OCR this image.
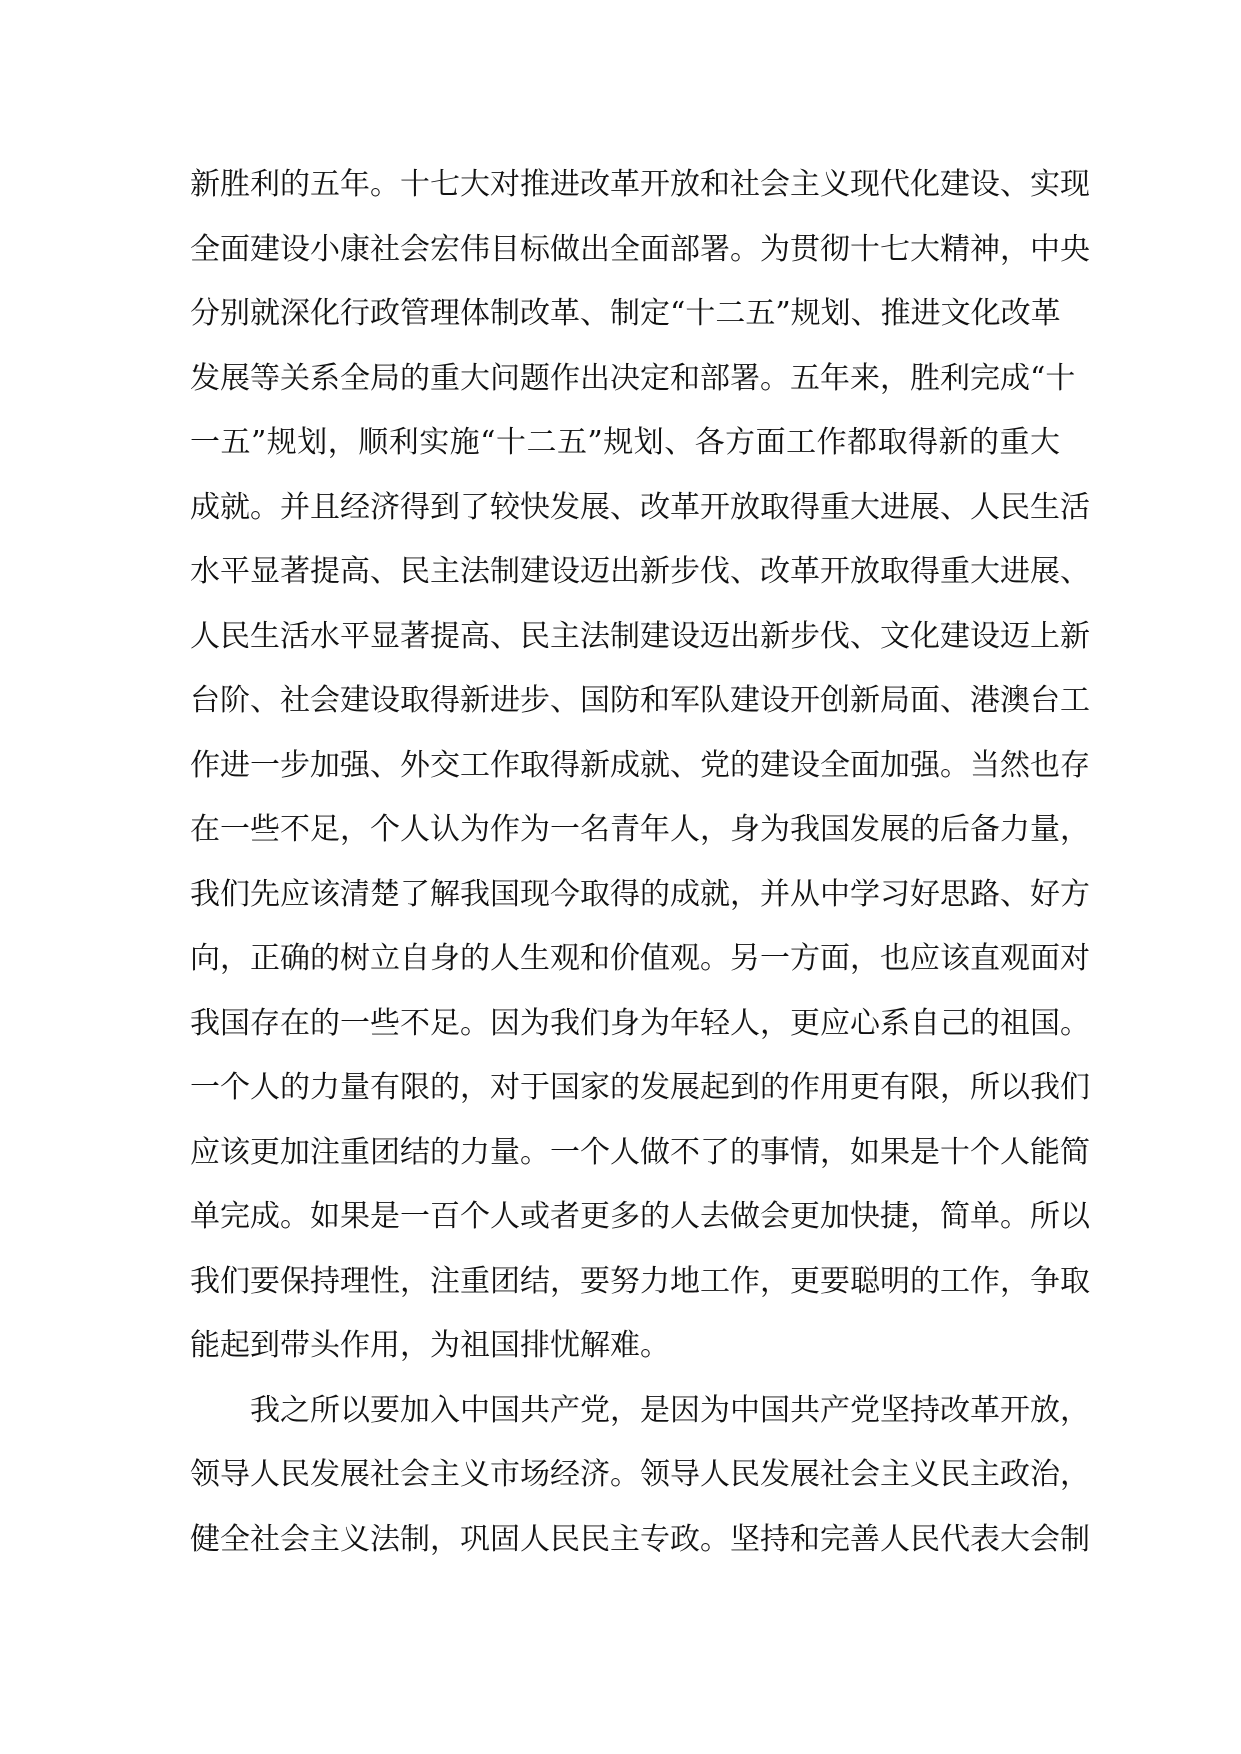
新胜利的五年。十七大对推进改革开放和社会主义现代化建设、实现
全面建设小康社会宏伟目标做出全面部署。为贯彻十七大精神，中央
分别就深化行政管理体制改革、制定“十二五”规划、推进文化改革
发展等关系全局的重大问题作出决定和部署。五年来，胜利完成“十
一五”规划，顺利实施“十二五”规划、各方面工作都取得新的重大
成就。并且经济得到了较快发展、改革开放取得重大进展、人民生活
水平显著提高、民主法制建设迈出新步伐、改革开放取得重大进展、
人民生活水平显著提高、民主法制建设迈出新步伐、文化建设迈上新
台阶、社会建设取得新进步、国防和军队建设开创新局面、港澳台工
作进一步加强、外交工作取得新成就、党的建设全面加强。当然也存
在一些不足，个人认为作为一名青年人，身为我国发展的后备力量，
我们先应该清楚了解我国现今取得的成就，并从中学习好思路、好方
向，正确的树立自身的人生观和价值观。另一方面，也应该直观面对
我国存在的一些不足。因为我们身为年轻人，更应心系自己的祖国。
一个人的力量有限的，对于国家的发展起到的作用更有限，所以我们
应该更加注重团结的力量。一个人做不了的事情，如果是十个人能简
单完成。如果是一百个人或者更多的人去做会更加快捷，简单。所以
我们要保持理性，注重团结，要努力地工作，更要聪明的工作，争取
能起到带头作用，为祖国排忧解难。
我之所以要加入中国共产党，是因为中国共产党坚持改革开放，
领导人民发展社会主义市场经济。领导人民发展社会主义民主政治，
健全社会主义法制，巩固人民民主专政。坚持和完善人民代表大会制
